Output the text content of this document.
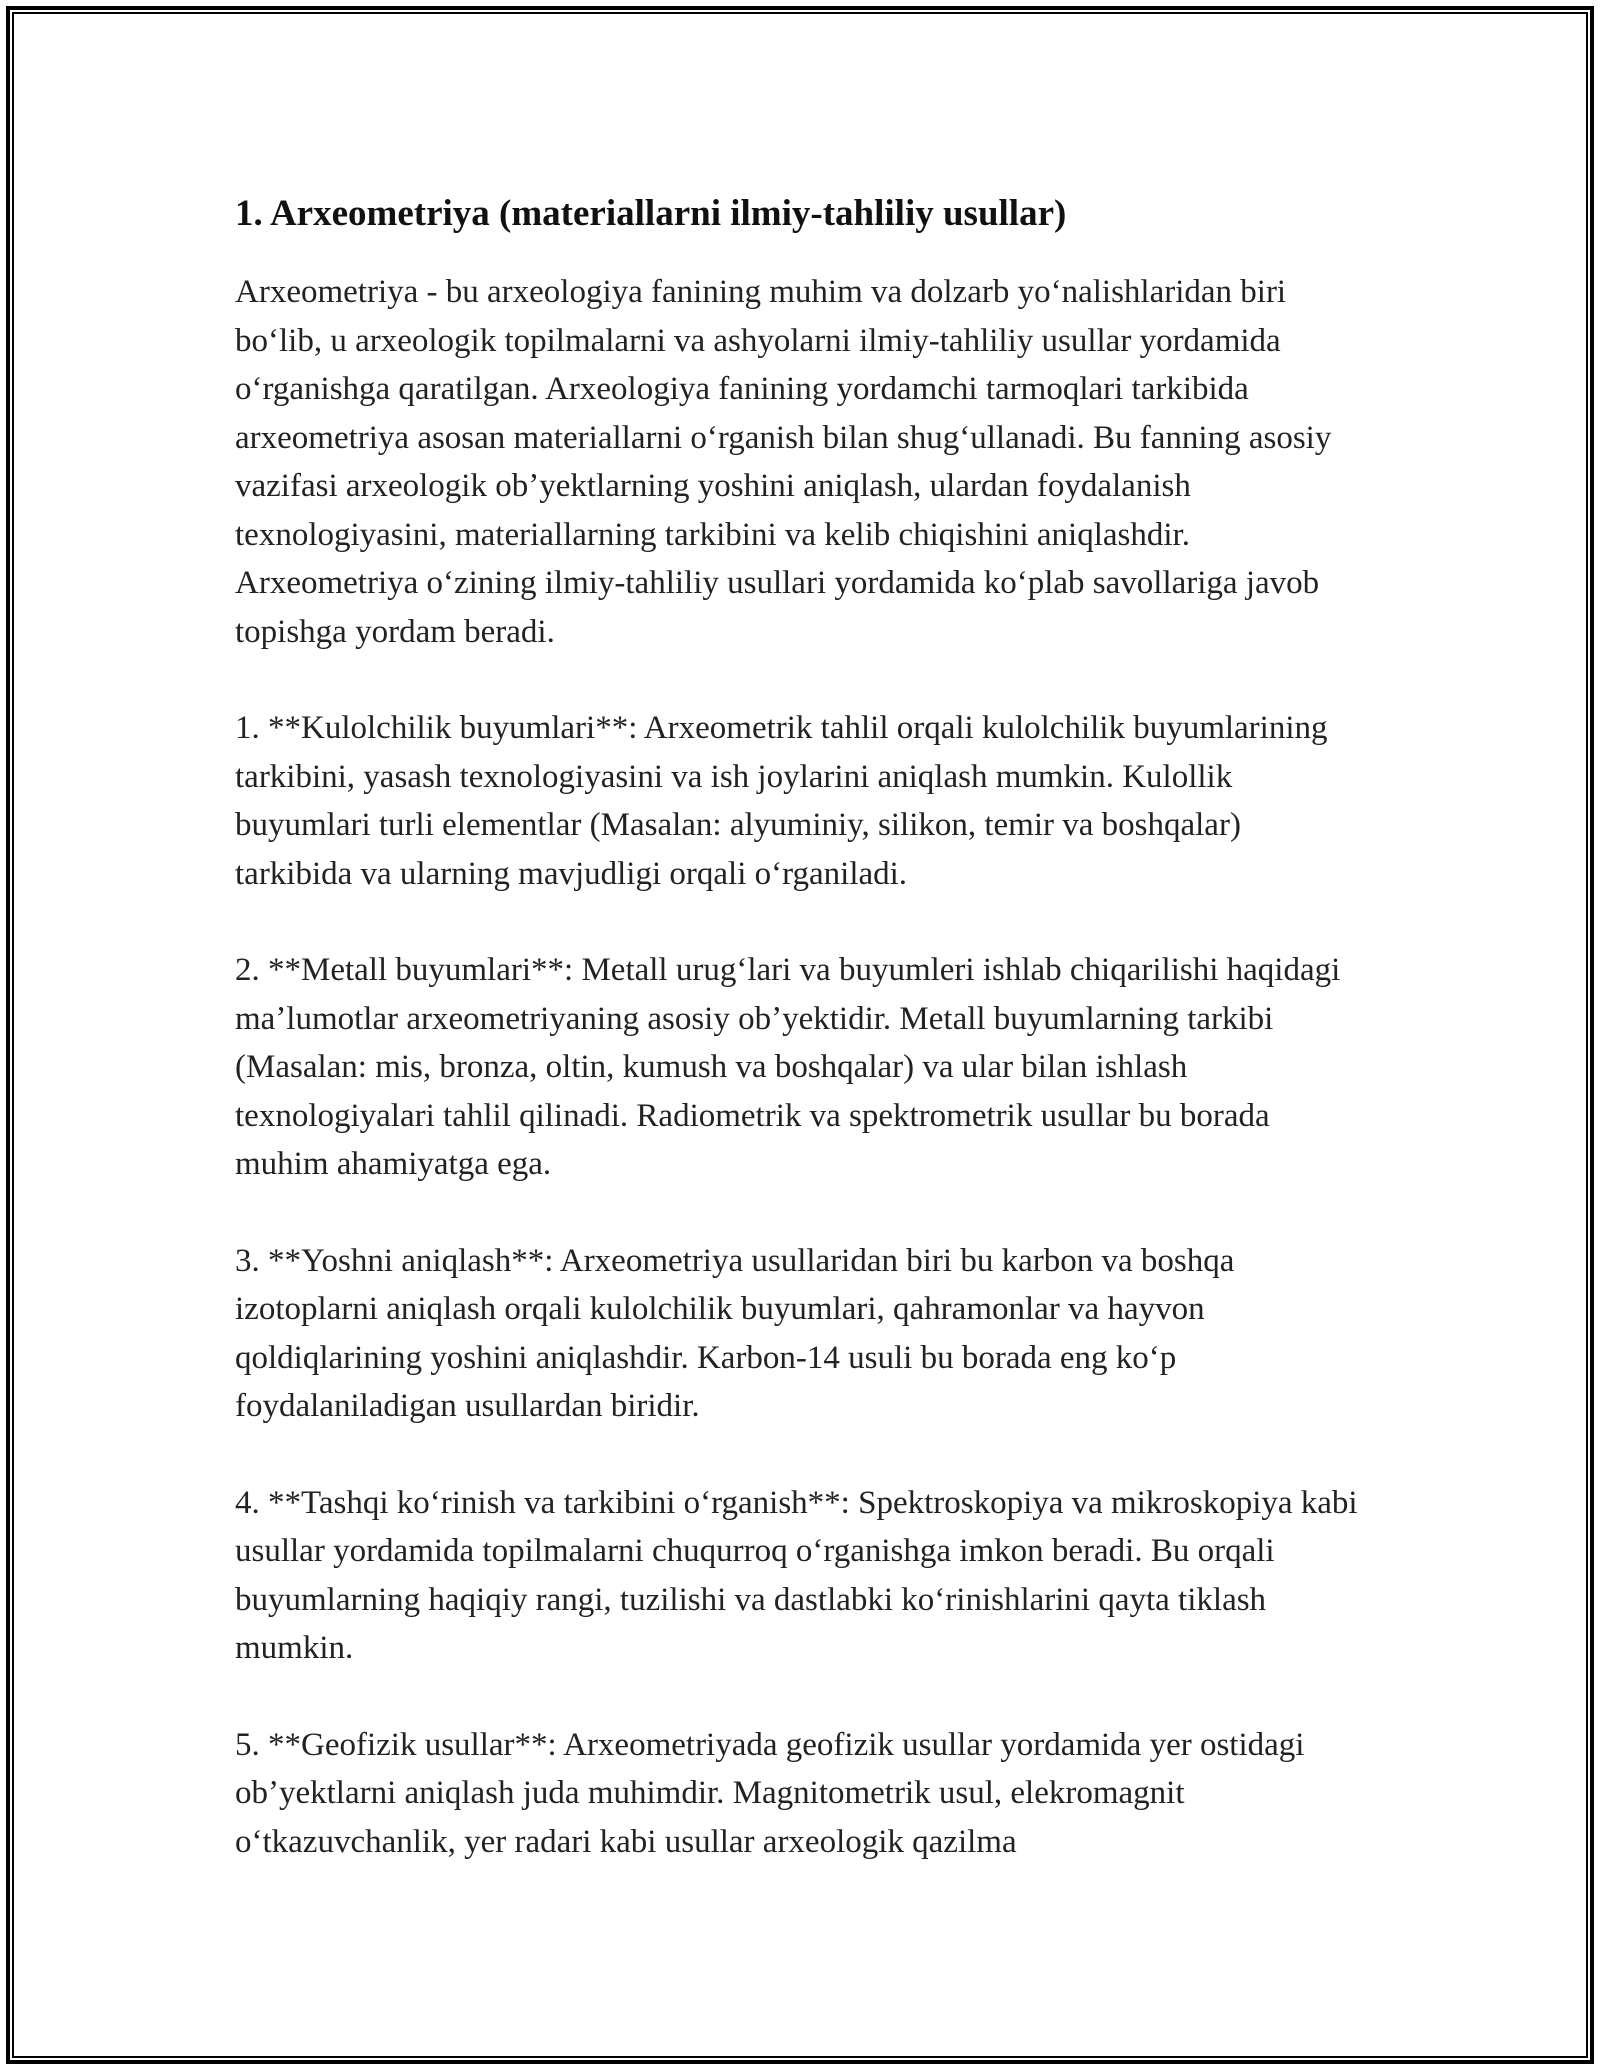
1. Arxeometriya (materiallarni ilmiy-tahliliy usullar)

Arxeometriya - bu arxeologiya fanining muhim va dolzarb yoʻnalishlaridan biri boʻlib, u arxeologik topilmalarni va ashyolarni ilmiy-tahliliy usullar yordamida oʻrganishga qaratilgan. Arxeologiya fanining yordamchi tarmoqlari tarkibida arxeometriya asosan materiallarni oʻrganish bilan shugʻullanadi. Bu fanning asosiy vazifasi arxeologik obʼyektlarning yoshini aniqlash, ulardan foydalanish texnologiyasini, materiallarning tarkibini va kelib chiqishini aniqlashdir. Arxeometriya oʻzining ilmiy-tahliliy usullari yordamida koʻplab savollariga javob topishga yordam beradi.

1. **Kulolchilik buyumlari**: Arxeometrik tahlil orqali kulolchilik buyumlarining tarkibini, yasash texnologiyasini va ish joylarini aniqlash mumkin. Kulollik buyumlari turli elementlar (Masalan: alyuminiy, silikon, temir va boshqalar) tarkibida va ularning mavjudligi orqali oʻrganiladi.

2. **Metall buyumlari**: Metall urugʻlari va buyumleri ishlab chiqarilishi haqidagi maʼlumotlar arxeometriyaning asosiy obʼyektidir. Metall buyumlarning tarkibi (Masalan: mis, bronza, oltin, kumush va boshqalar) va ular bilan ishlash texnologiyalari tahlil qilinadi. Radiometrik va spektrometrik usullar bu borada muhim ahamiyatga ega.

3. **Yoshni aniqlash**: Arxeometriya usullaridan biri bu karbon va boshqa izotoplarni aniqlash orqali kulolchilik buyumlari, qahramonlar va hayvon qoldiqlarining yoshini aniqlashdir. Karbon-14 usuli bu borada eng koʻp foydalaniladigan usullardan biridir.

4. **Tashqi koʻrinish va tarkibini oʻrganish**: Spektroskopiya va mikroskopiya kabi usullar yordamida topilmalarni chuqurroq oʻrganishga imkon beradi. Bu orqali buyumlarning haqiqiy rangi, tuzilishi va dastlabki koʻrinishlarini qayta tiklash mumkin.

5. **Geofizik usullar**: Arxeometriyada geofizik usullar yordamida yer ostidagi obʼyektlarni aniqlash juda muhimdir. Magnitometrik usul, elekromagnit oʻtkazuvchanlik, yer radari kabi usullar arxeologik qazilma
